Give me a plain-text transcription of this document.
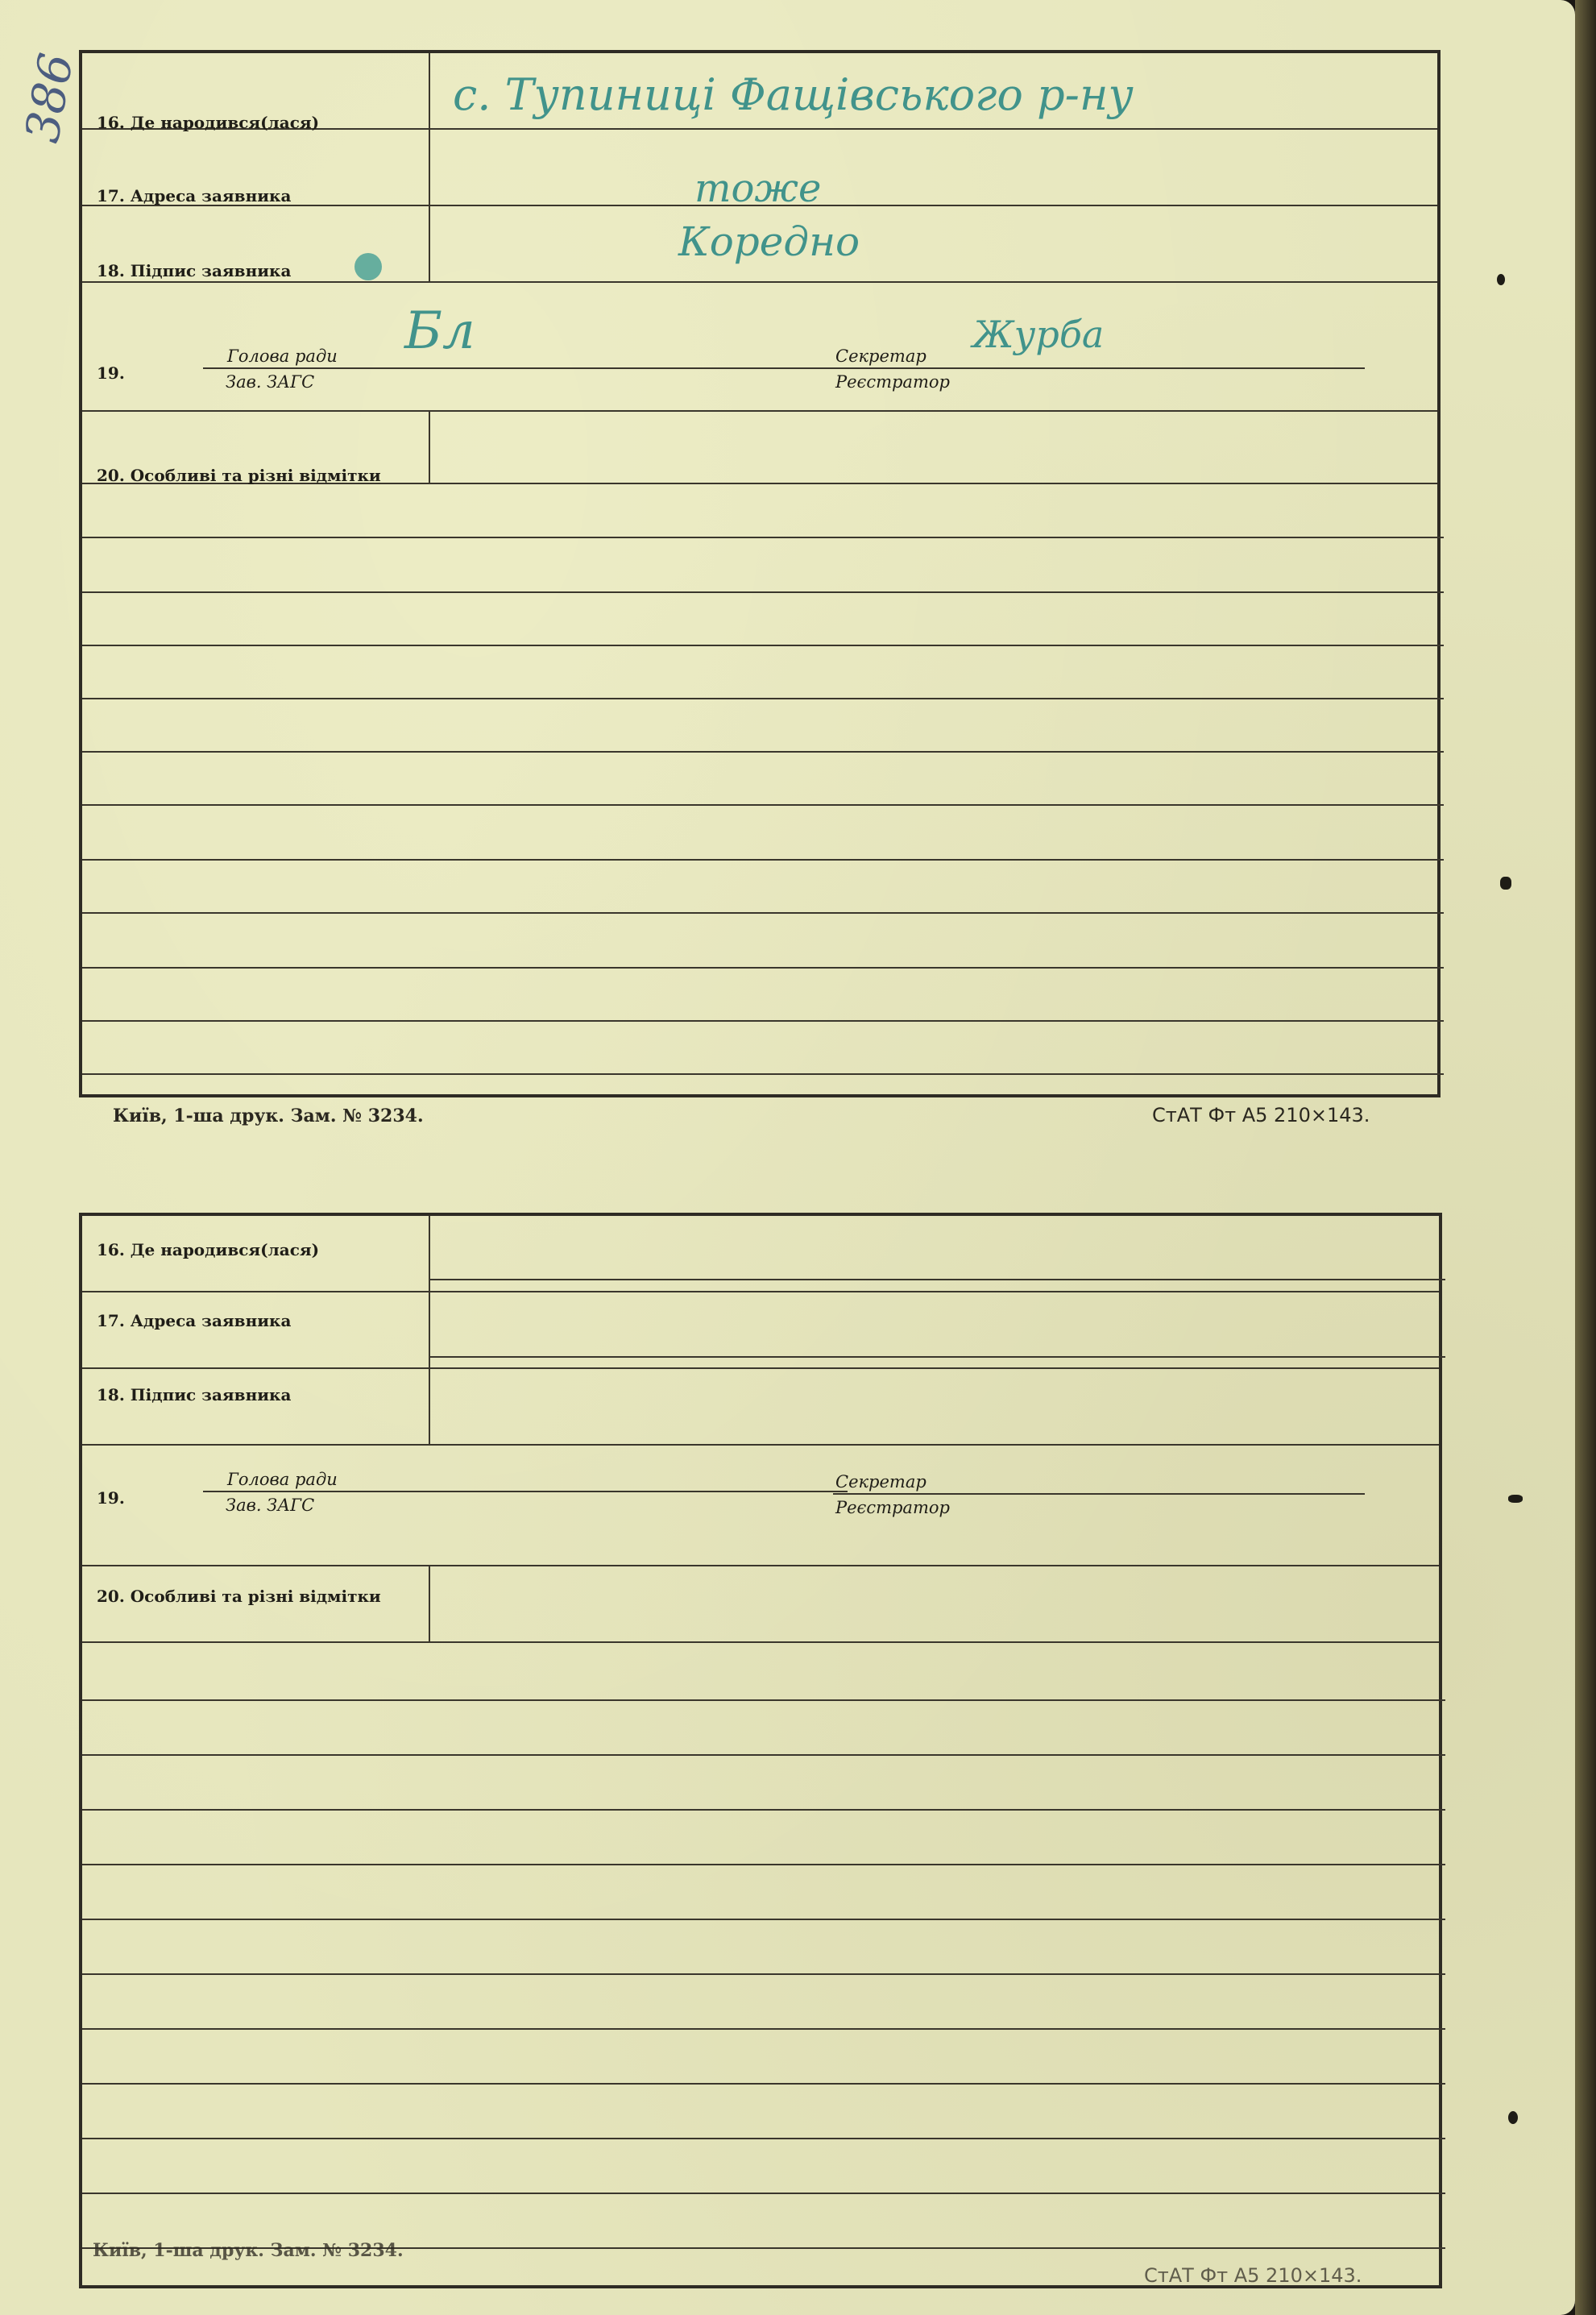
386 16. Де народився(лася)
17. Адреса заявника
18. Підпис заявника
19.
Голова ради
Зав. ЗАГС
Секретар
Реєстратор
20. Особливі та різні відмітки
с. Тупиниці Фащівського р-ну
тоже
Коредно
Бл	Журба
Київ, 1-ша друк. Зам. № 3234.	СтАТ Фт А5 210×143.
16. Де народився(лася)
17. Адреса заявника
18. Підпис заявника
19.
Голова ради
Зав. ЗАГС
Секретар
Реєстратор
20. Особливі та різні відмітки
Київ, 1-ша друк. Зам. № 3234.
СтАТ Фт А5 210×143.
